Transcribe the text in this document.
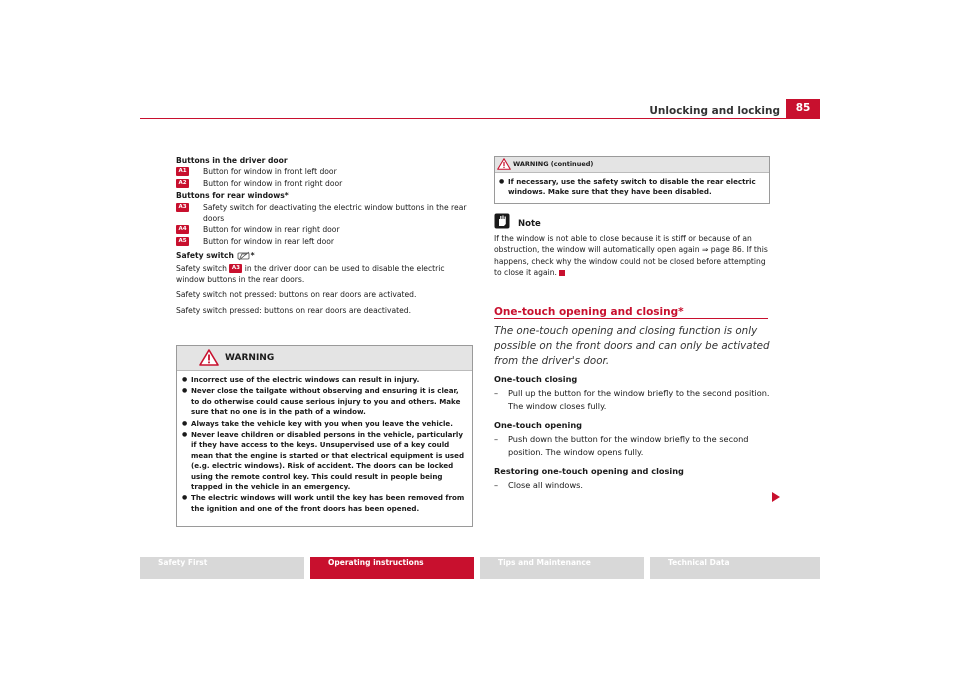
Unlocking and locking	85
Buttons in the driver door
A1	Button for window in front left door
A2	Button for window in front right door
Buttons for rear windows*
A3	Safety switch for deactivating the electric window buttons in the rear doors
A4	Button for window in rear right door
A5	Button for window in rear left door
Safety switch *
Safety switch A3 in the driver door can be used to disable the electric window buttons in the rear doors.
Safety switch not pressed: buttons on rear doors are activated.
Safety switch pressed: buttons on rear doors are deactivated.
WARNING
● Incorrect use of the electric windows can result in injury.
● Never close the tailgate without observing and ensuring it is clear, to do otherwise could cause serious injury to you and others. Make sure that no one is in the path of a window.
● Always take the vehicle key with you when you leave the vehicle.
● Never leave children or disabled persons in the vehicle, particularly if they have access to the keys. Unsupervised use of a key could mean that the engine is started or that electrical equipment is used (e.g. electric windows). Risk of accident. The doors can be locked using the remote control key. This could result in people being trapped in the vehicle in an emergency.
● The electric windows will work until the key has been removed from the ignition and one of the front doors has been opened.
WARNING (continued)
● If necessary, use the safety switch to disable the rear electric windows. Make sure that they have been disabled.
Note
If the window is not able to close because it is stiff or because of an obstruction, the window will automatically open again ⇒ page 86. If this happens, check why the window could not be closed before attempting to close it again.
One-touch opening and closing*
The one-touch opening and closing function is only possible on the front doors and can only be activated from the driver's door.
One-touch closing
– Pull up the button for the window briefly to the second position. The window closes fully.
One-touch opening
– Push down the button for the window briefly to the second position. The window opens fully.
Restoring one-touch opening and closing
– Close all windows.
Safety First	Operating instructions	Tips and Maintenance	Technical Data
